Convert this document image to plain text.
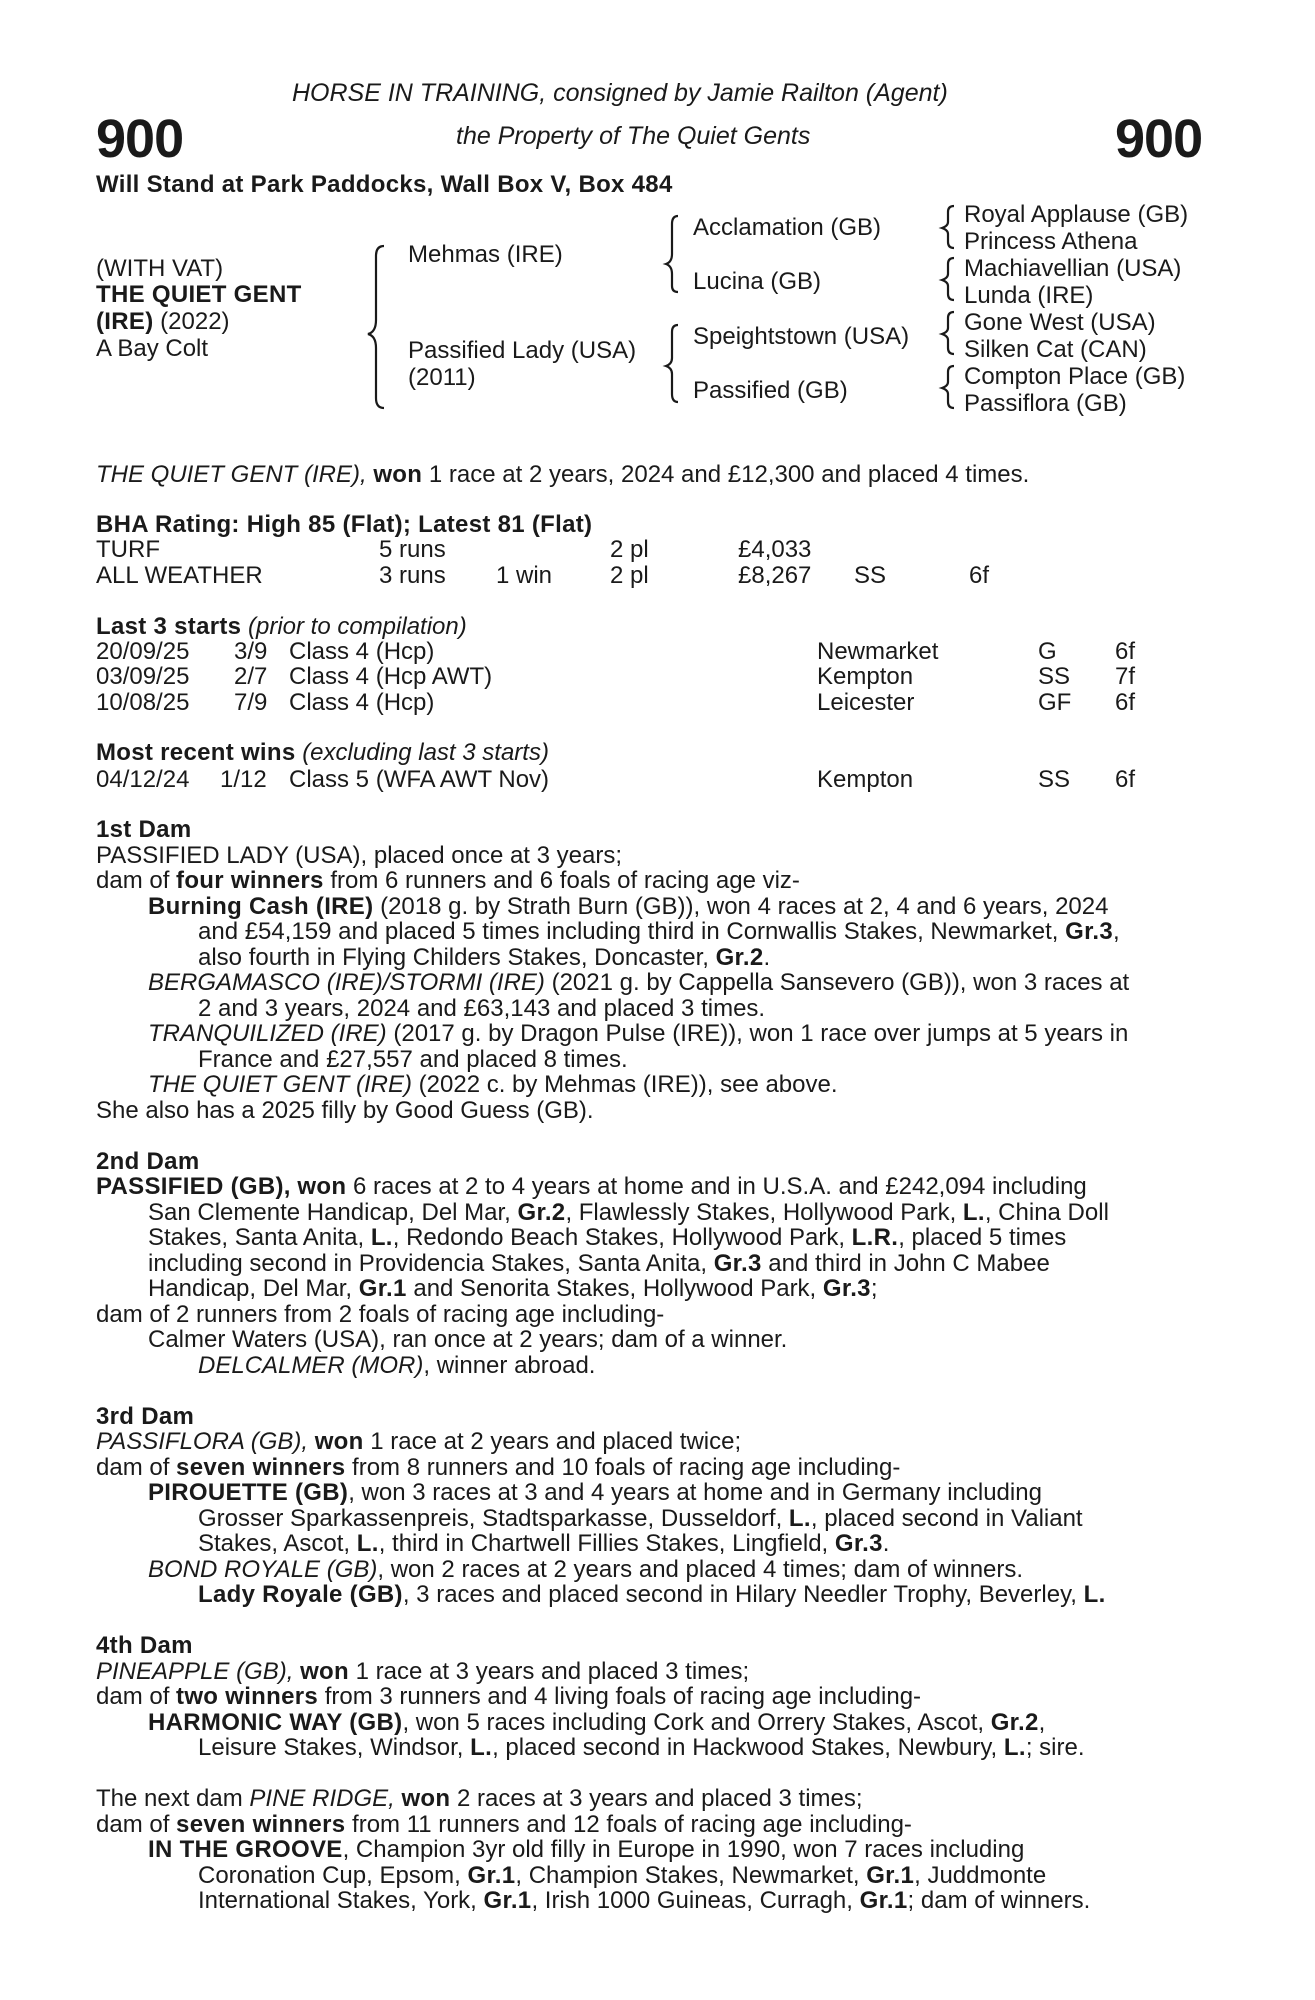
900	900
HORSE IN TRAINING, consigned by Jamie Railton (Agent)
the Property of The Quiet Gents
Will Stand at Park Paddocks, Wall Box V, Box 484
(WITH VAT)
THE QUIET GENT
(IRE) (2022)
A Bay Colt
Mehmas (IRE)
Passified Lady (USA)
(2011)
Acclamation (GB)
Lucina (GB)
Speightstown (USA)
Passified (GB)
Royal Applause (GB)
Princess Athena
Machiavellian (USA)
Lunda (IRE)
Gone West (USA)
Silken Cat (CAN)
Compton Place (GB)
Passiflora (GB)
THE QUIET GENT (IRE), won 1 race at 2 years, 2024 and £12,300 and placed 4 times.
BHA Rating: High 85 (Flat); Latest 81 (Flat)
TURF	5 runs	2 pl	£4,033
ALL WEATHER	3 runs 1 win 2 pl	£8,267 SS	6f
Last 3 starts (prior to compilation)
20/09/25 3/9 Class 4 (Hcp)	Newmarket	G 6f
03/09/25 2/7 Class 4 (Hcp AWT)	Kempton	SS 7f
10/08/25 7/9 Class 4 (Hcp)	Leicester	GF 6f
Most recent wins (excluding last 3 starts)
04/12/24 1/12 Class 5 (WFA AWT Nov)	Kempton	SS 6f
1st Dam
PASSIFIED LADY (USA), placed once at 3 years;
dam of four winners from 6 runners and 6 foals of racing age viz-
Burning Cash (IRE) (2018 g. by Strath Burn (GB)), won 4 races at 2, 4 and 6 years, 2024
and £54,159 and placed 5 times including third in Cornwallis Stakes, Newmarket, Gr.3,
also fourth in Flying Childers Stakes, Doncaster, Gr.2.
BERGAMASCO (IRE)/STORMI (IRE) (2021 g. by Cappella Sansevero (GB)), won 3 races at
2 and 3 years, 2024 and £63,143 and placed 3 times.
TRANQUILIZED (IRE) (2017 g. by Dragon Pulse (IRE)), won 1 race over jumps at 5 years in
France and £27,557 and placed 8 times.
THE QUIET GENT (IRE) (2022 c. by Mehmas (IRE)), see above.
She also has a 2025 filly by Good Guess (GB).
2nd Dam
PASSIFIED (GB), won 6 races at 2 to 4 years at home and in U.S.A. and £242,094 including
San Clemente Handicap, Del Mar, Gr.2, Flawlessly Stakes, Hollywood Park, L., China Doll
Stakes, Santa Anita, L., Redondo Beach Stakes, Hollywood Park, L.R., placed 5 times
including second in Providencia Stakes, Santa Anita, Gr.3 and third in John C Mabee
Handicap, Del Mar, Gr.1 and Senorita Stakes, Hollywood Park, Gr.3;
dam of 2 runners from 2 foals of racing age including-
Calmer Waters (USA), ran once at 2 years; dam of a winner.
DELCALMER (MOR), winner abroad.
3rd Dam
PASSIFLORA (GB), won 1 race at 2 years and placed twice;
dam of seven winners from 8 runners and 10 foals of racing age including-
PIROUETTE (GB), won 3 races at 3 and 4 years at home and in Germany including
Grosser Sparkassenpreis, Stadtsparkasse, Dusseldorf, L., placed second in Valiant
Stakes, Ascot, L., third in Chartwell Fillies Stakes, Lingfield, Gr.3.
BOND ROYALE (GB), won 2 races at 2 years and placed 4 times; dam of winners.
Lady Royale (GB), 3 races and placed second in Hilary Needler Trophy, Beverley, L.
4th Dam
PINEAPPLE (GB), won 1 race at 3 years and placed 3 times;
dam of two winners from 3 runners and 4 living foals of racing age including-
HARMONIC WAY (GB), won 5 races including Cork and Orrery Stakes, Ascot, Gr.2,
Leisure Stakes, Windsor, L., placed second in Hackwood Stakes, Newbury, L.; sire.
The next dam PINE RIDGE, won 2 races at 3 years and placed 3 times;
dam of seven winners from 11 runners and 12 foals of racing age including-
IN THE GROOVE, Champion 3yr old filly in Europe in 1990, won 7 races including
Coronation Cup, Epsom, Gr.1, Champion Stakes, Newmarket, Gr.1, Juddmonte
International Stakes, York, Gr.1, Irish 1000 Guineas, Curragh, Gr.1; dam of winners.
